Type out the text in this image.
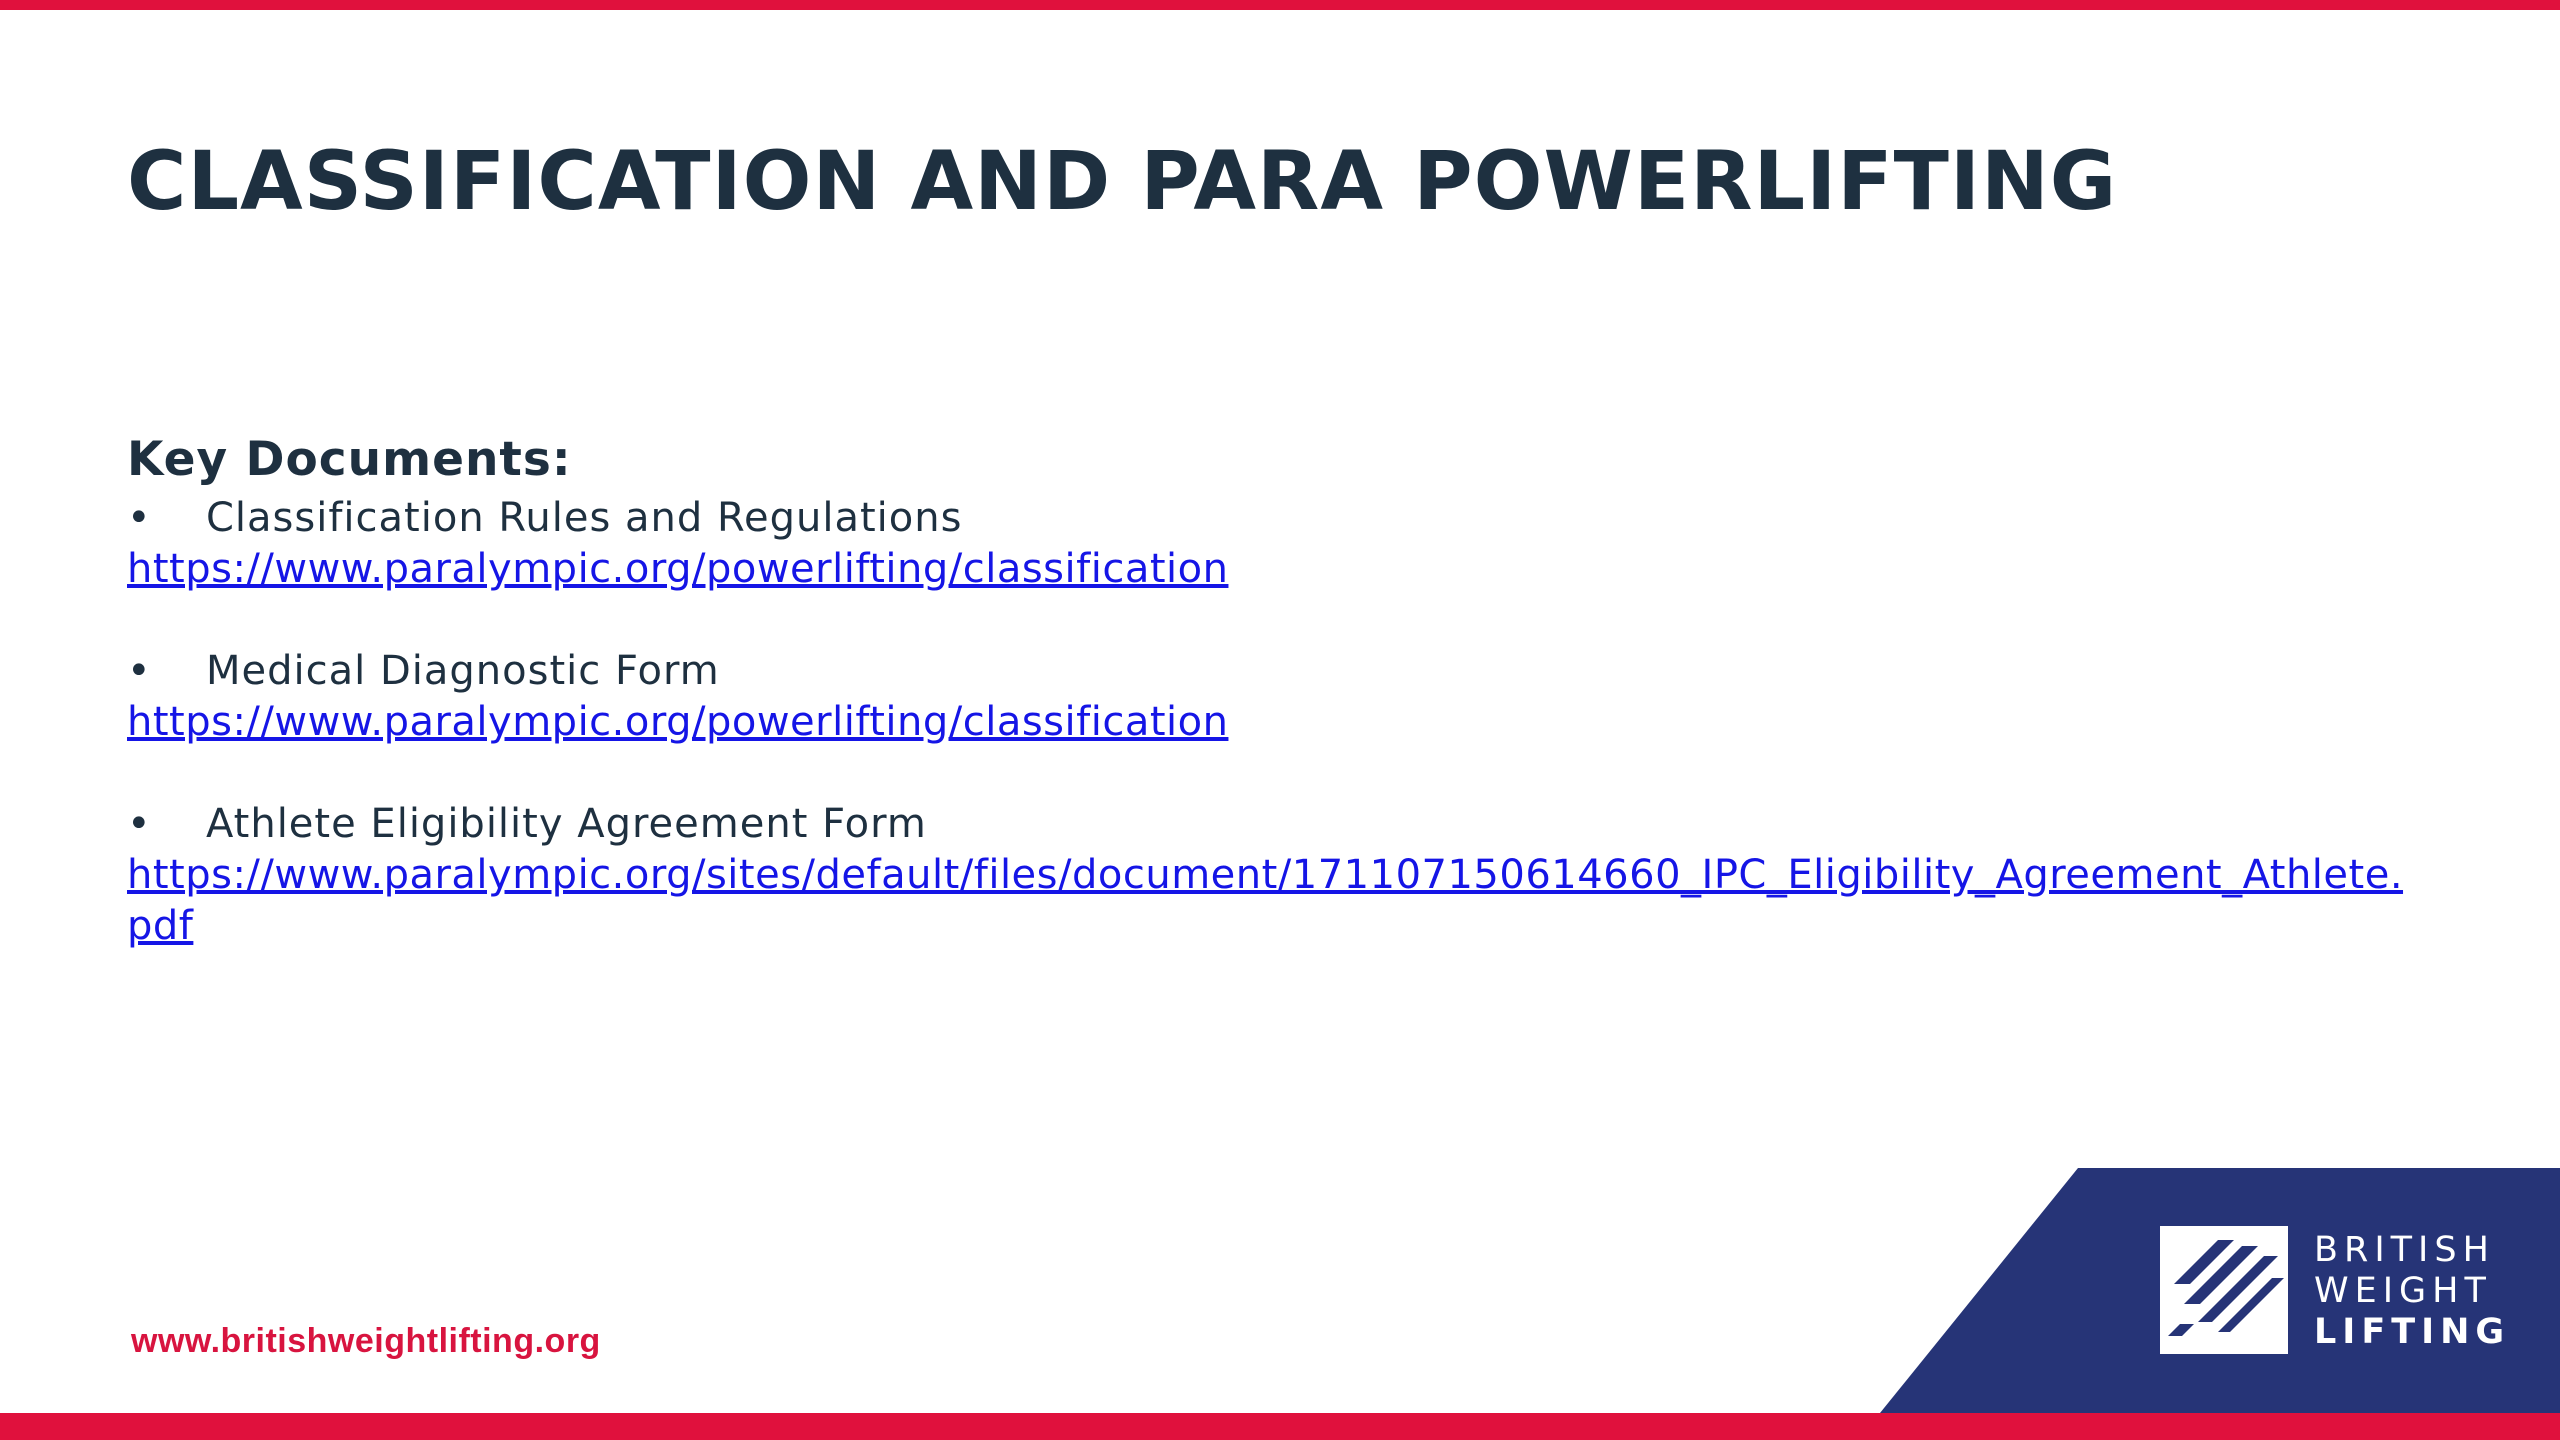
CLASSIFICATION AND PARA POWERLIFTING

Key Documents:

• Classification Rules and Regulations
https://www.paralympic.org/powerlifting/classification
• Medical Diagnostic Form
https://www.paralympic.org/powerlifting/classification
• Athlete Eligibility Agreement Form
https://www.paralympic.org/sites/default/files/document/171107150614660_IPC_Eligibility_Agreement_Athlete.pdf
www.britishweightlifting.org
BRITISH
WEIGHT
LIFTING
